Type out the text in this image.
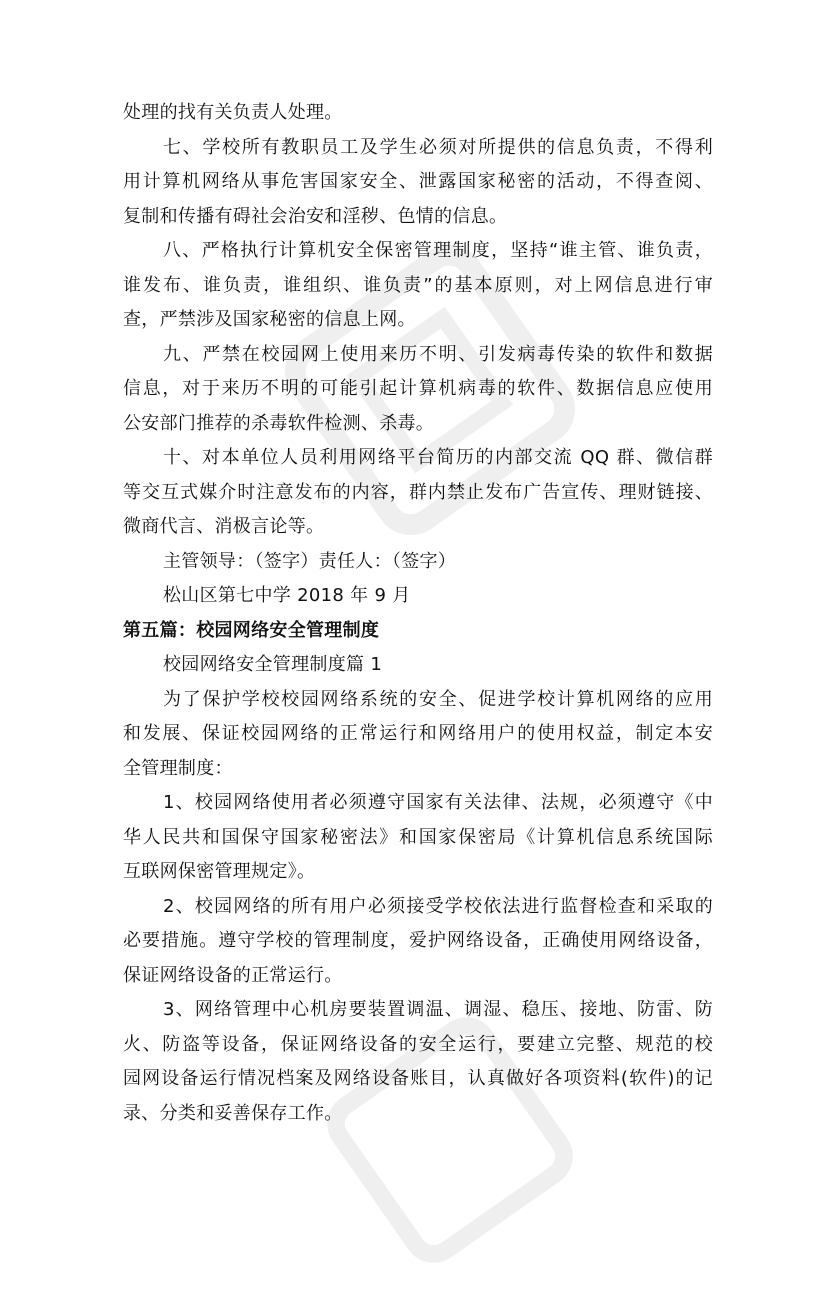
处理的找有关负责人处理。
七、学校所有教职员工及学生必须对所提供的信息负责，不得利
用计算机网络从事危害国家安全、泄露国家秘密的活动，不得查阅、
复制和传播有碍社会治安和淫秽、色情的信息。
八、严格执行计算机安全保密管理制度，坚持“谁主管、谁负责，
谁发布、谁负责，谁组织、谁负责”的基本原则，对上网信息进行审
查，严禁涉及国家秘密的信息上网。
九、严禁在校园网上使用来历不明、引发病毒传染的软件和数据
信息，对于来历不明的可能引起计算机病毒的软件、数据信息应使用
公安部门推荐的杀毒软件检测、杀毒。
十、对本单位人员利用网络平台简历的内部交流 QQ 群、微信群
等交互式媒介时注意发布的内容，群内禁止发布广告宣传、理财链接、
微商代言、消极言论等。
主管领导：（签字）责任人：（签字）
松山区第七中学 2018 年 9 月
第五篇：校园网络安全管理制度
校园网络安全管理制度篇 1
为了保护学校校园网络系统的安全、促进学校计算机网络的应用
和发展、保证校园网络的正常运行和网络用户的使用权益，制定本安
全管理制度：
1、校园网络使用者必须遵守国家有关法律、法规，必须遵守《中
华人民共和国保守国家秘密法》和国家保密局《计算机信息系统国际
互联网保密管理规定》。
2、校园网络的所有用户必须接受学校依法进行监督检查和采取的
必要措施。遵守学校的管理制度，爱护网络设备，正确使用网络设备，
保证网络设备的正常运行。
3、网络管理中心机房要装置调温、调湿、稳压、接地、防雷、防
火、防盗等设备，保证网络设备的安全运行，要建立完整、规范的校
园网设备运行情况档案及网络设备账目，认真做好各项资料(软件)的记
录、分类和妥善保存工作。
